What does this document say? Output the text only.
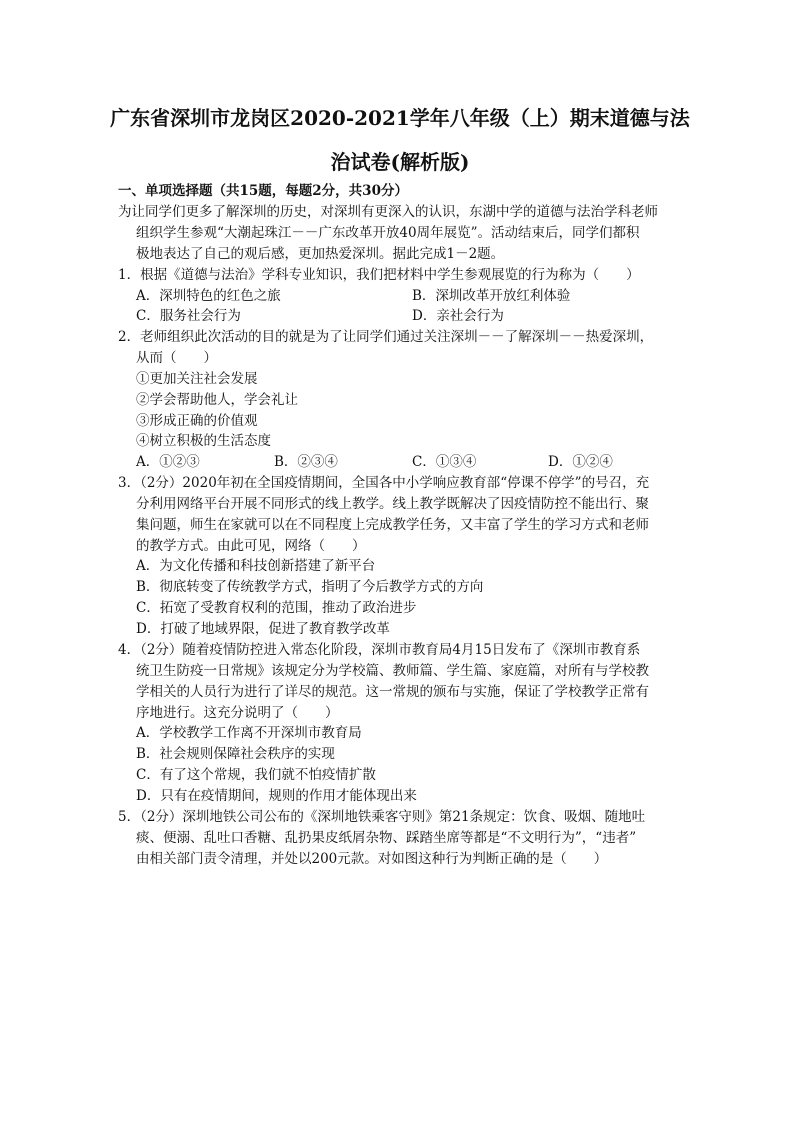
广东省深圳市龙岗区2020-2021学年八年级（上）期末道德与法
治试卷(解析版)
一、单项选择题（共15题，每题2分，共30分）
为让同学们更多了解深圳的历史，对深圳有更深入的认识，东湖中学的道德与法治学科老师
组织学生参观“大潮起珠江－－广东改革开放40周年展览”。活动结束后，同学们都积
极地表达了自己的观后感，更加热爱深圳。据此完成1－2题。
1．根据《道德与法治》学科专业知识，我们把材料中学生参观展览的行为称为（　　）
A．深圳特色的红色之旅	B．深圳改革开放红利体验
C．服务社会行为	D．亲社会行为
2．老师组织此次活动的目的就是为了让同学们通过关注深圳－－了解深圳－－热爱深圳，
从而（　　）
①更加关注社会发展
②学会帮助他人，学会礼让
③形成正确的价值观
④树立积极的生活态度
A．①②③	B．②③④	C．①③④	D．①②④
3．（2分）2020年初在全国疫情期间，全国各中小学响应教育部“停课不停学”的号召，充
分利用网络平台开展不同形式的线上教学。线上教学既解决了因疫情防控不能出行、聚
集问题，师生在家就可以在不同程度上完成教学任务，又丰富了学生的学习方式和老师
的教学方式。由此可见，网络（　　）
A．为文化传播和科技创新搭建了新平台
B．彻底转变了传统教学方式，指明了今后教学方式的方向
C．拓宽了受教育权利的范围，推动了政治进步
D．打破了地域界限，促进了教育教学改革
4．（2分）随着疫情防控进入常态化阶段，深圳市教育局4月15日发布了《深圳市教育系
统卫生防疫一日常规》该规定分为学校篇、教师篇、学生篇、家庭篇，对所有与学校教
学相关的人员行为进行了详尽的规范。这一常规的颁布与实施，保证了学校教学正常有
序地进行。这充分说明了（　　）
A．学校教学工作离不开深圳市教育局
B．社会规则保障社会秩序的实现
C．有了这个常规，我们就不怕疫情扩散
D．只有在疫情期间，规则的作用才能体现出来
5．（2分）深圳地铁公司公布的《深圳地铁乘客守则》第21条规定：饮食、吸烟、随地吐
痰、便溺、乱吐口香糖、乱扔果皮纸屑杂物、踩踏坐席等都是“不文明行为”，“违者”
由相关部门责令清理，并处以200元款。对如图这种行为判断正确的是（　　）
